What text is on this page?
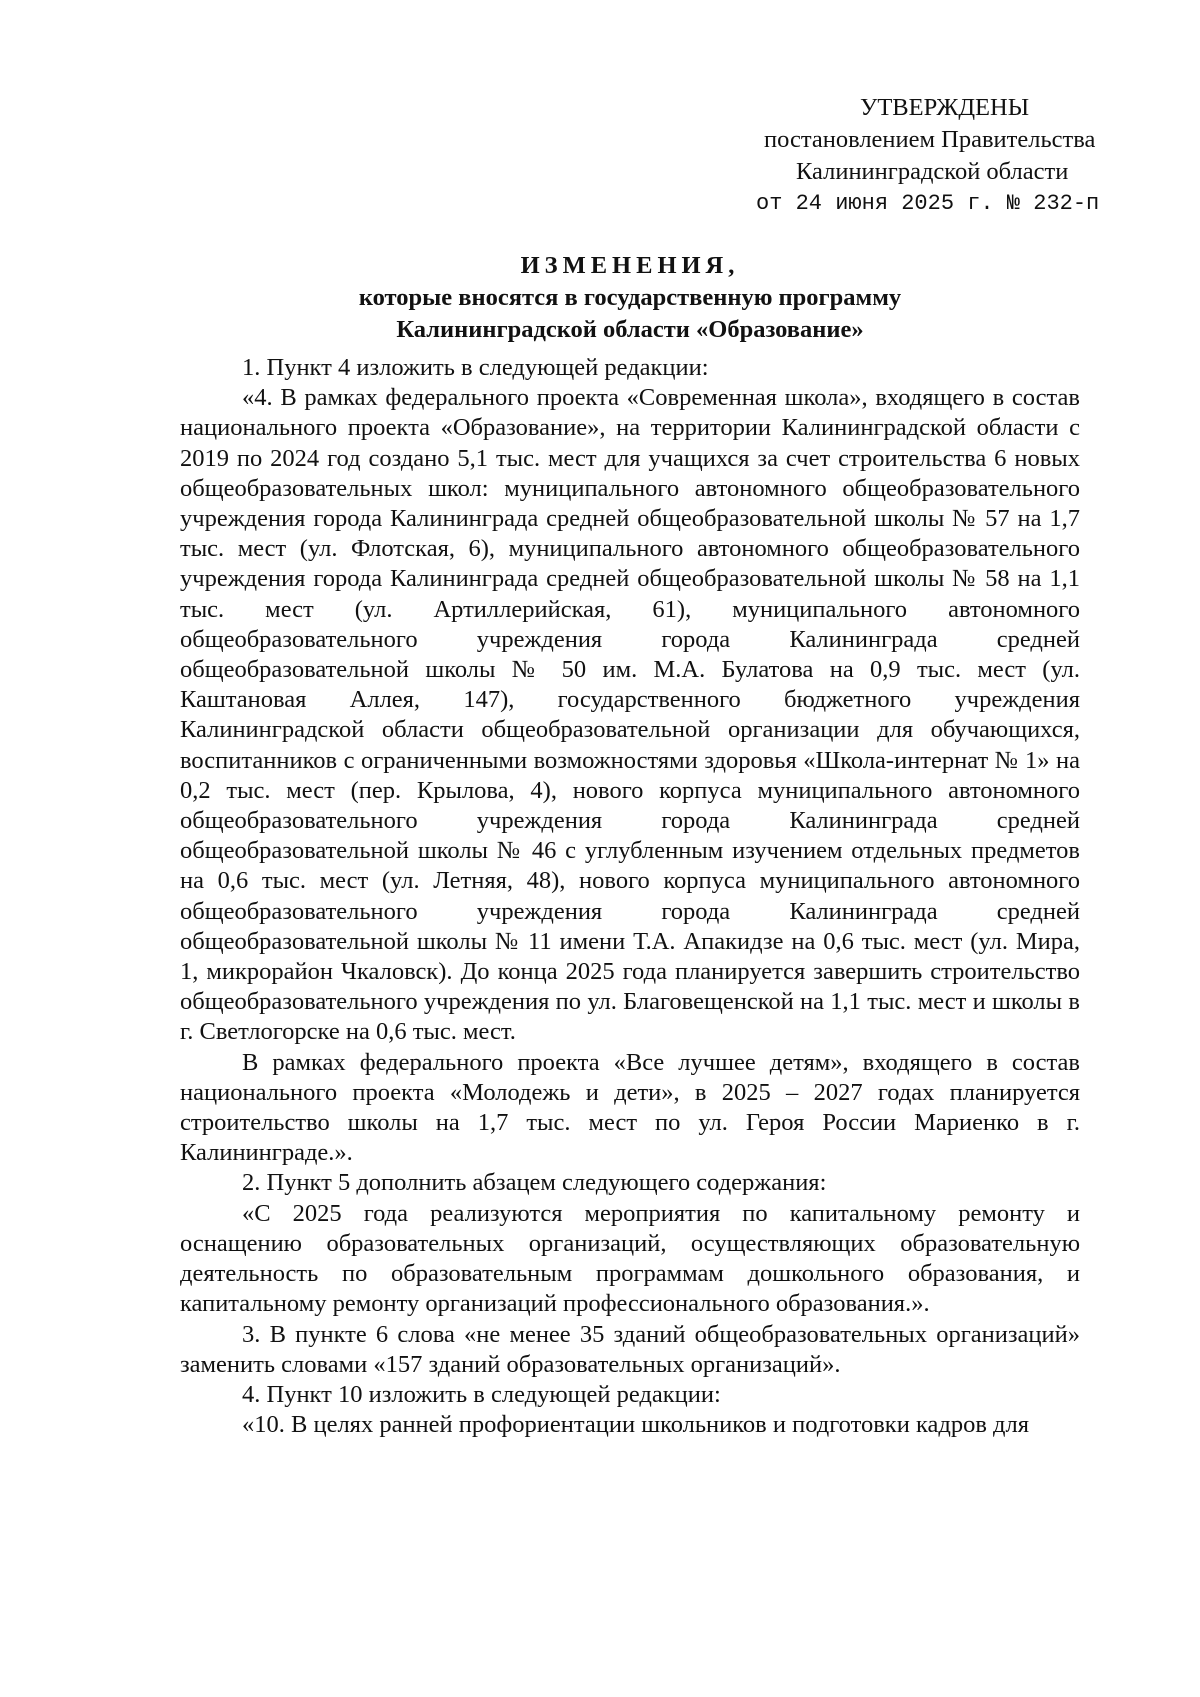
УТВЕРЖДЕНЫ
постановлением Правительства
Калининградской области
от 24 июня 2025 г. № 232-п
ИЗМЕНЕНИЯ,
которые вносятся в государственную программу
Калининградской области «Образование»

1. Пункт 4 изложить в следующей редакции:

«4. В рамках федерального проекта «Современная школа», входящего в состав национального проекта «Образование», на территории Калининградской области с 2019 по 2024 год создано 5,1 тыс. мест для учащихся за счет строительства 6 новых общеобразовательных школ: муниципального автономного общеобразовательного учреждения города Калининграда средней общеобразовательной школы № 57 на 1,7 тыс. мест (ул. Флотская, 6), муниципального автономного общеобразовательного учреждения города Калининграда средней общеобразовательной школы № 58 на 1,1 тыс. мест (ул. Артиллерийская, 61), муниципального автономного общеобразовательного учреждения города Калининграда средней общеобразовательной школы № 50 им. М.А. Булатова на 0,9 тыс. мест (ул. Каштановая Аллея, 147), государственного бюджетного учреждения Калининградской области общеобразовательной организации для обучающихся, воспитанников с ограниченными возможностями здоровья «Школа-интернат № 1» на 0,2 тыс. мест (пер. Крылова, 4), нового корпуса муниципального автономного общеобразовательного учреждения города Калининграда средней общеобразовательной школы № 46 с углубленным изучением отдельных предметов на 0,6 тыс. мест (ул. Летняя, 48), нового корпуса муниципального автономного общеобразовательного учреждения города Калининграда средней общеобразовательной школы № 11 имени Т.А. Апакидзе на 0,6 тыс. мест (ул. Мира, 1, микрорайон Чкаловск). До конца 2025 года планируется завершить строительство общеобразовательного учреждения по ул. Благовещенской на 1,1 тыс. мест и школы в г. Светлогорске на 0,6 тыс. мест.

В рамках федерального проекта «Все лучшее детям», входящего в состав национального проекта «Молодежь и дети», в 2025 – 2027 годах планируется строительство школы на 1,7 тыс. мест по ул. Героя России Мариенко в г. Калининграде.».

2. Пункт 5 дополнить абзацем следующего содержания:

«С 2025 года реализуются мероприятия по капитальному ремонту и оснащению образовательных организаций, осуществляющих образовательную деятельность по образовательным программам дошкольного образования, и капитальному ремонту организаций профессионального образования.».

3. В пункте 6 слова «не менее 35 зданий общеобразовательных организаций» заменить словами «157 зданий образовательных организаций».

4. Пункт 10 изложить в следующей редакции:

«10. В целях ранней профориентации школьников и подготовки кадров для
